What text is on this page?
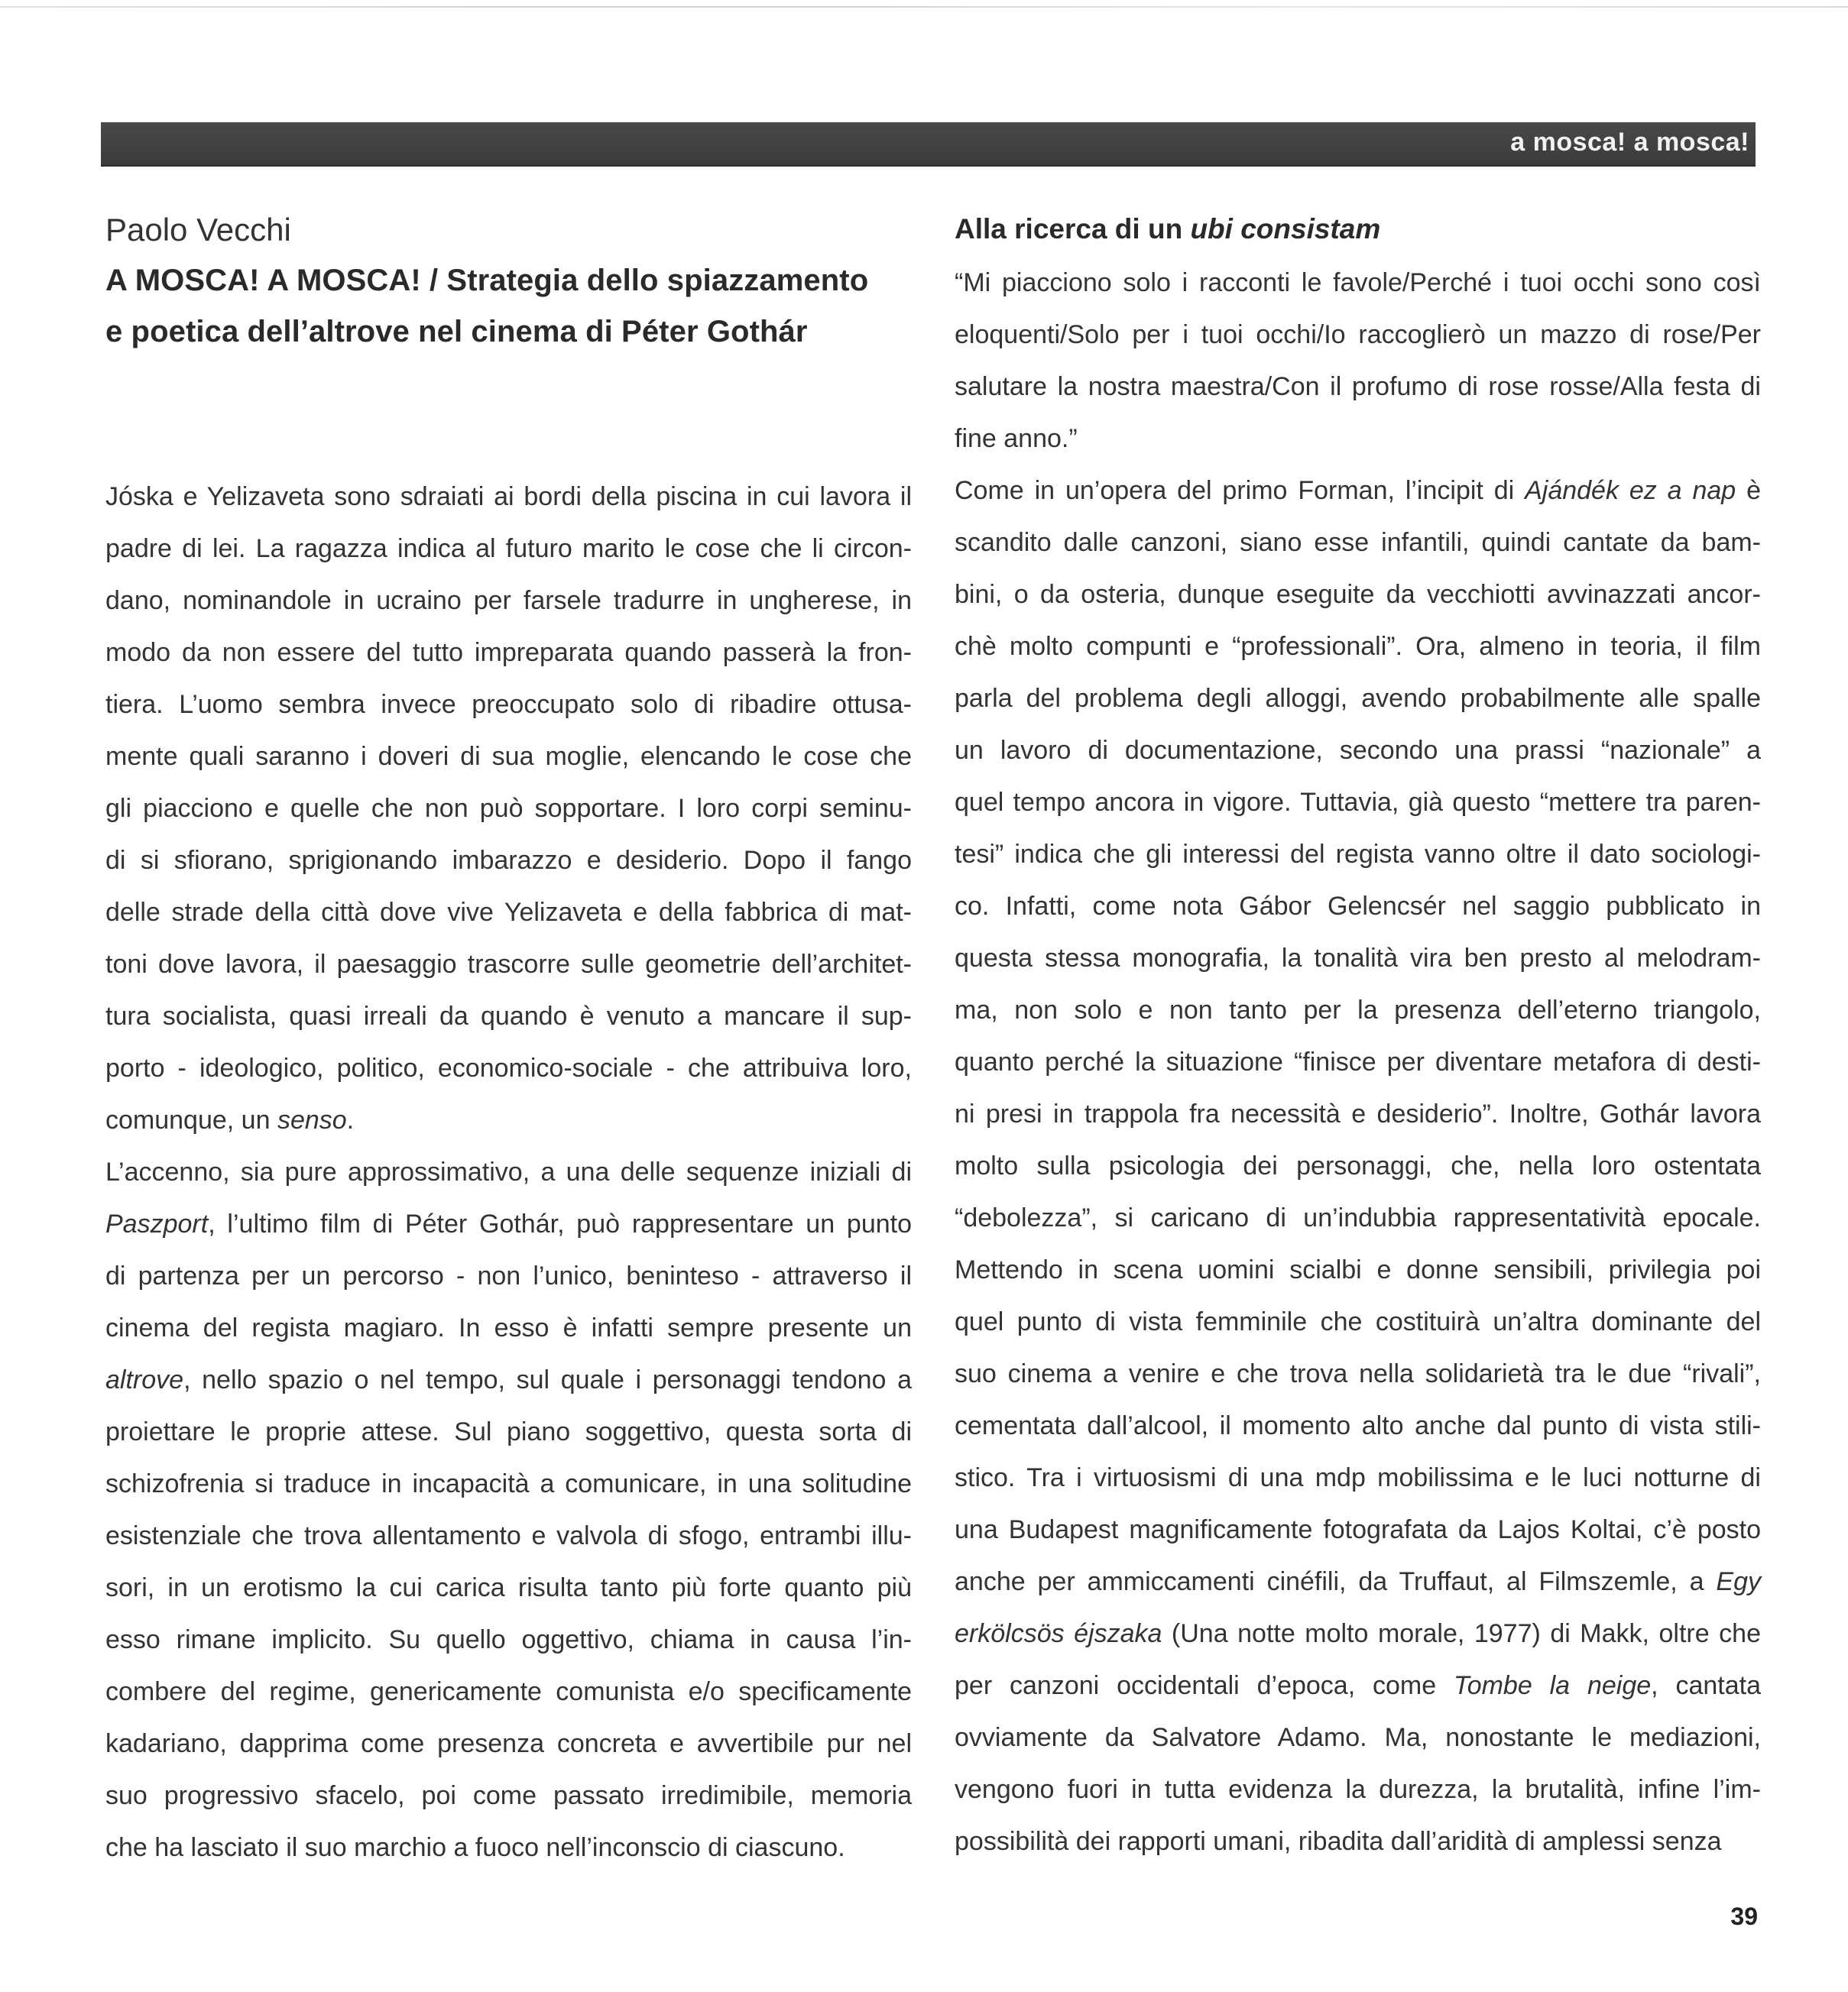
a mosca! a mosca!

Paolo Vecchi

A MOSCA! A MOSCA! / Strategia dello spiazzamento
e poetica dell’altrove nel cinema di Péter Gothár
Jóska e Yelizaveta sono sdraiati ai bordi della piscina in cui lavora il
padre di lei. La ragazza indica al futuro marito le cose che li circon-
dano, nominandole in ucraino per farsele tradurre in ungherese, in
modo da non essere del tutto impreparata quando passerà la fron-
tiera. L’uomo sembra invece preoccupato solo di ribadire ottusa-
mente quali saranno i doveri di sua moglie, elencando le cose che
gli piacciono e quelle che non può sopportare. I loro corpi seminu-
di si sfiorano, sprigionando imbarazzo e desiderio. Dopo il fango
delle strade della città dove vive Yelizaveta e della fabbrica di mat-
toni dove lavora, il paesaggio trascorre sulle geometrie dell’architet-
tura socialista, quasi irreali da quando è venuto a mancare il sup-
porto - ideologico, politico, economico-sociale - che attribuiva loro,
comunque, un senso.
L’accenno, sia pure approssimativo, a una delle sequenze iniziali di
Paszport, l’ultimo film di Péter Gothár, può rappresentare un punto
di partenza per un percorso - non l’unico, beninteso - attraverso il
cinema del regista magiaro. In esso è infatti sempre presente un
altrove, nello spazio o nel tempo, sul quale i personaggi tendono a
proiettare le proprie attese. Sul piano soggettivo, questa sorta di
schizofrenia si traduce in incapacità a comunicare, in una solitudine
esistenziale che trova allentamento e valvola di sfogo, entrambi illu-
sori, in un erotismo la cui carica risulta tanto più forte quanto più
esso rimane implicito. Su quello oggettivo, chiama in causa l’in-
combere del regime, genericamente comunista e/o specificamente
kadariano, dapprima come presenza concreta e avvertibile pur nel
suo progressivo sfacelo, poi come passato irredimibile, memoria
che ha lasciato il suo marchio a fuoco nell’inconscio di ciascuno.
Alla ricerca di un ubi consistam
“Mi piacciono solo i racconti le favole/Perché i tuoi occhi sono così
eloquenti/Solo per i tuoi occhi/Io raccoglierò un mazzo di rose/Per
salutare la nostra maestra/Con il profumo di rose rosse/Alla festa di
fine anno.”
Come in un’opera del primo Forman, l’incipit di Ajándék ez a nap è
scandito dalle canzoni, siano esse infantili, quindi cantate da bam-
bini, o da osteria, dunque eseguite da vecchiotti avvinazzati ancor-
chè molto compunti e “professionali”. Ora, almeno in teoria, il film
parla del problema degli alloggi, avendo probabilmente alle spalle
un lavoro di documentazione, secondo una prassi “nazionale” a
quel tempo ancora in vigore. Tuttavia, già questo “mettere tra paren-
tesi” indica che gli interessi del regista vanno oltre il dato sociologi-
co. Infatti, come nota Gábor Gelencsér nel saggio pubblicato in
questa stessa monografia, la tonalità vira ben presto al melodram-
ma, non solo e non tanto per la presenza dell’eterno triangolo,
quanto perché la situazione “finisce per diventare metafora di desti-
ni presi in trappola fra necessità e desiderio”. Inoltre, Gothár lavora
molto sulla psicologia dei personaggi, che, nella loro ostentata
“debolezza”, si caricano di un’indubbia rappresentatività epocale.
Mettendo in scena uomini scialbi e donne sensibili, privilegia poi
quel punto di vista femminile che costituirà un’altra dominante del
suo cinema a venire e che trova nella solidarietà tra le due “rivali”,
cementata dall’alcool, il momento alto anche dal punto di vista stili-
stico. Tra i virtuosismi di una mdp mobilissima e le luci notturne di
una Budapest magnificamente fotografata da Lajos Koltai, c’è posto
anche per ammiccamenti cinéfili, da Truffaut, al Filmszemle, a Egy
erkölcsös éjszaka (Una notte molto morale, 1977) di Makk, oltre che
per canzoni occidentali d’epoca, come Tombe la neige, cantata
ovviamente da Salvatore Adamo. Ma, nonostante le mediazioni,
vengono fuori in tutta evidenza la durezza, la brutalità, infine l’im-
possibilità dei rapporti umani, ribadita dall’aridità di amplessi senza
39
